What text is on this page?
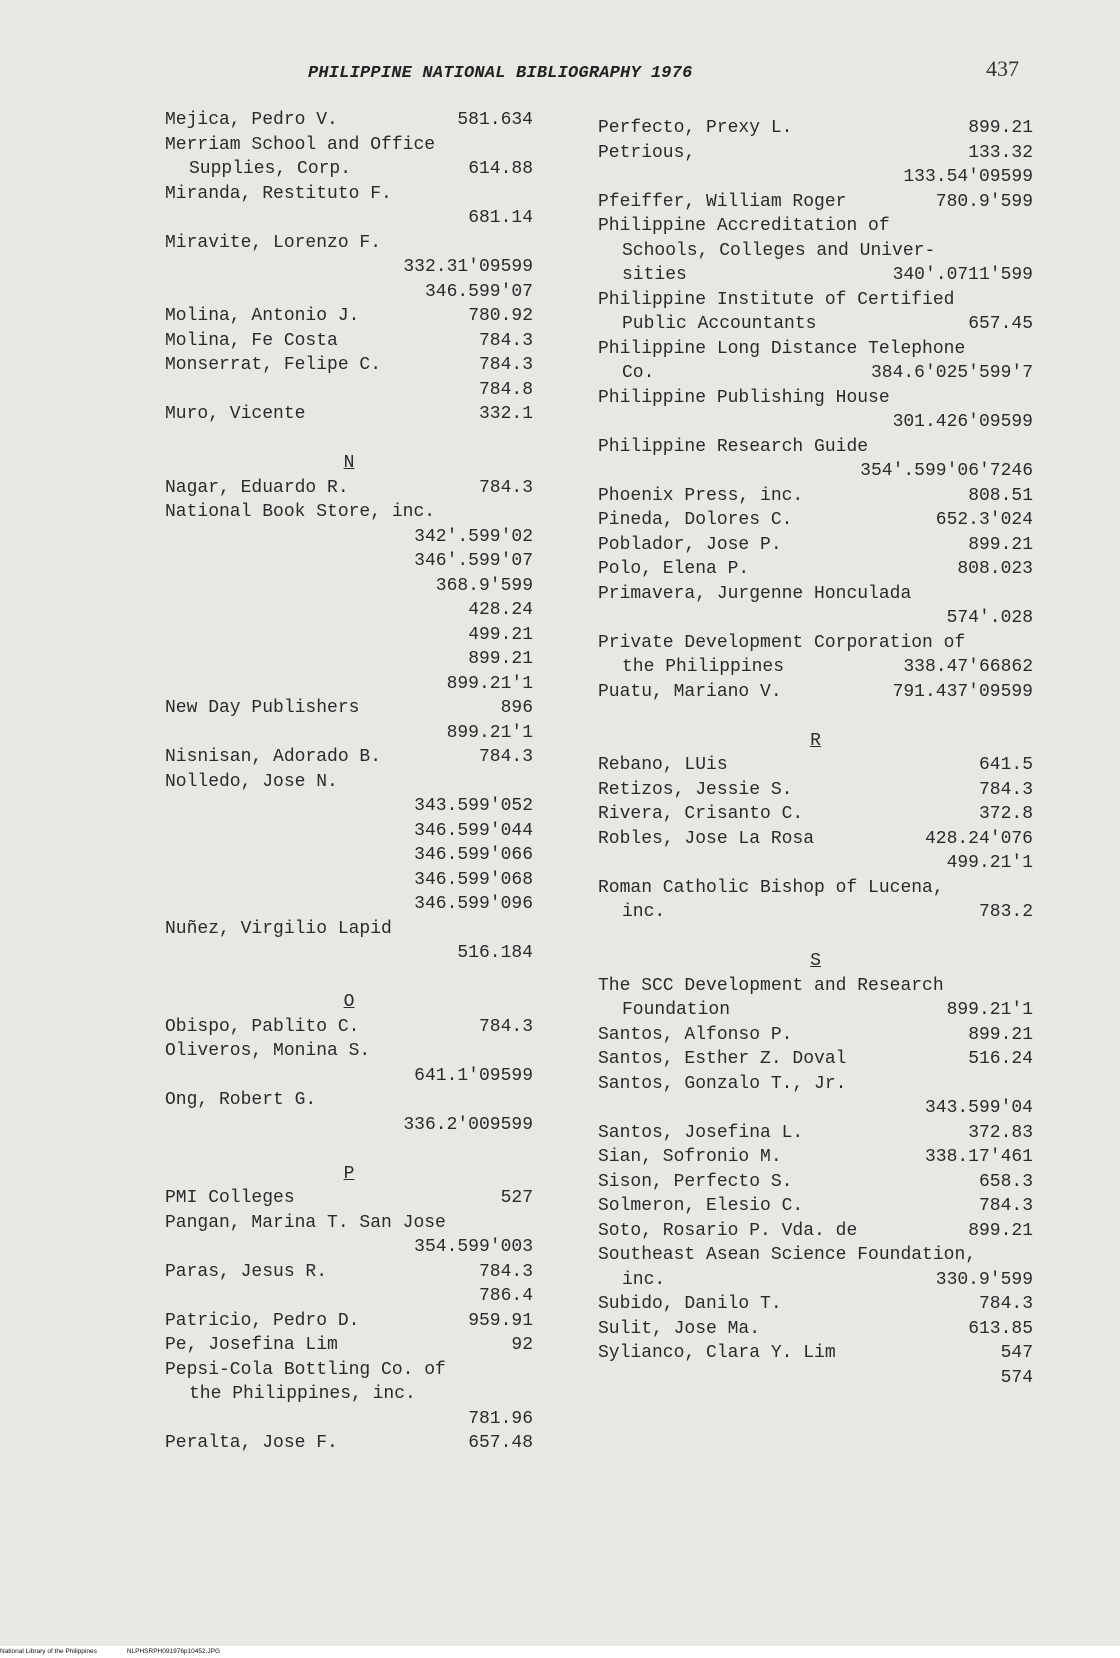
PHILIPPINE NATIONAL BIBLIOGRAPHY 1976	437
Mejica, Pedro V.	581.634
Merriam School and Office
Supplies, Corp.	614.88
Miranda, Restituto F.
681.14
Miravite, Lorenzo F.
332.31'09599
346.599'07
Molina, Antonio J.	780.92
Molina, Fe Costa	784.3
Monserrat, Felipe C.	784.3
784.8
Muro, Vicente	332.1
N
Nagar, Eduardo R.	784.3
National Book Store, inc.
342'.599'02
346'.599'07
368.9'599
428.24
499.21
899.21
899.21'1
New Day Publishers	896
899.21'1
Nisnisan, Adorado B.	784.3
Nolledo, Jose N.
343.599'052
346.599'044
346.599'066
346.599'068
346.599'096
Nuñez, Virgilio Lapid
516.184
O
Obispo, Pablito C.	784.3
Oliveros, Monina S.
641.1'09599
Ong, Robert G.
336.2'009599
P
PMI Colleges	527
Pangan, Marina T. San Jose
354.599'003
Paras, Jesus R.	784.3
786.4
Patricio, Pedro D.	959.91
Pe, Josefina Lim	92
Pepsi-Cola Bottling Co. of
the Philippines, inc.
781.96
Peralta, Jose F.	657.48
Perfecto, Prexy L.	899.21
Petrious,	133.32
133.54'09599
Pfeiffer, William Roger	780.9'599
Philippine Accreditation of
Schools, Colleges and Univer-
sities	340'.0711'599
Philippine Institute of Certified
Public Accountants	657.45
Philippine Long Distance Telephone
Co.	384.6'025'599'7
Philippine Publishing House
301.426'09599
Philippine Research Guide
354'.599'06'7246
Phoenix Press, inc.	808.51
Pineda, Dolores C.	652.3'024
Poblador, Jose P.	899.21
Polo, Elena P.	808.023
Primavera, Jurgenne Honculada
574'.028
Private Development Corporation of
the Philippines	338.47'66862
Puatu, Mariano V.	791.437'09599
R
Rebano, LUis	641.5
Retizos, Jessie S.	784.3
Rivera, Crisanto C.	372.8
Robles, Jose La Rosa	428.24'076
499.21'1
Roman Catholic Bishop of Lucena,
inc.	783.2
S
The SCC Development and Research
Foundation	899.21'1
Santos, Alfonso P.	899.21
Santos, Esther Z. Doval	516.24
Santos, Gonzalo T., Jr.
343.599'04
Santos, Josefina L.	372.83
Sian, Sofronio M.	338.17'461
Sison, Perfecto S.	658.3
Solmeron, Elesio C.	784.3
Soto, Rosario P. Vda. de	899.21
Southeast Asean Science Foundation,
inc.	330.9'599
Subido, Danilo T.	784.3
Sulit, Jose Ma.	613.85
Sylianco, Clara Y. Lim	547
574
National Library of the Philippines	NLPHSRPH091976p10452.JPG
